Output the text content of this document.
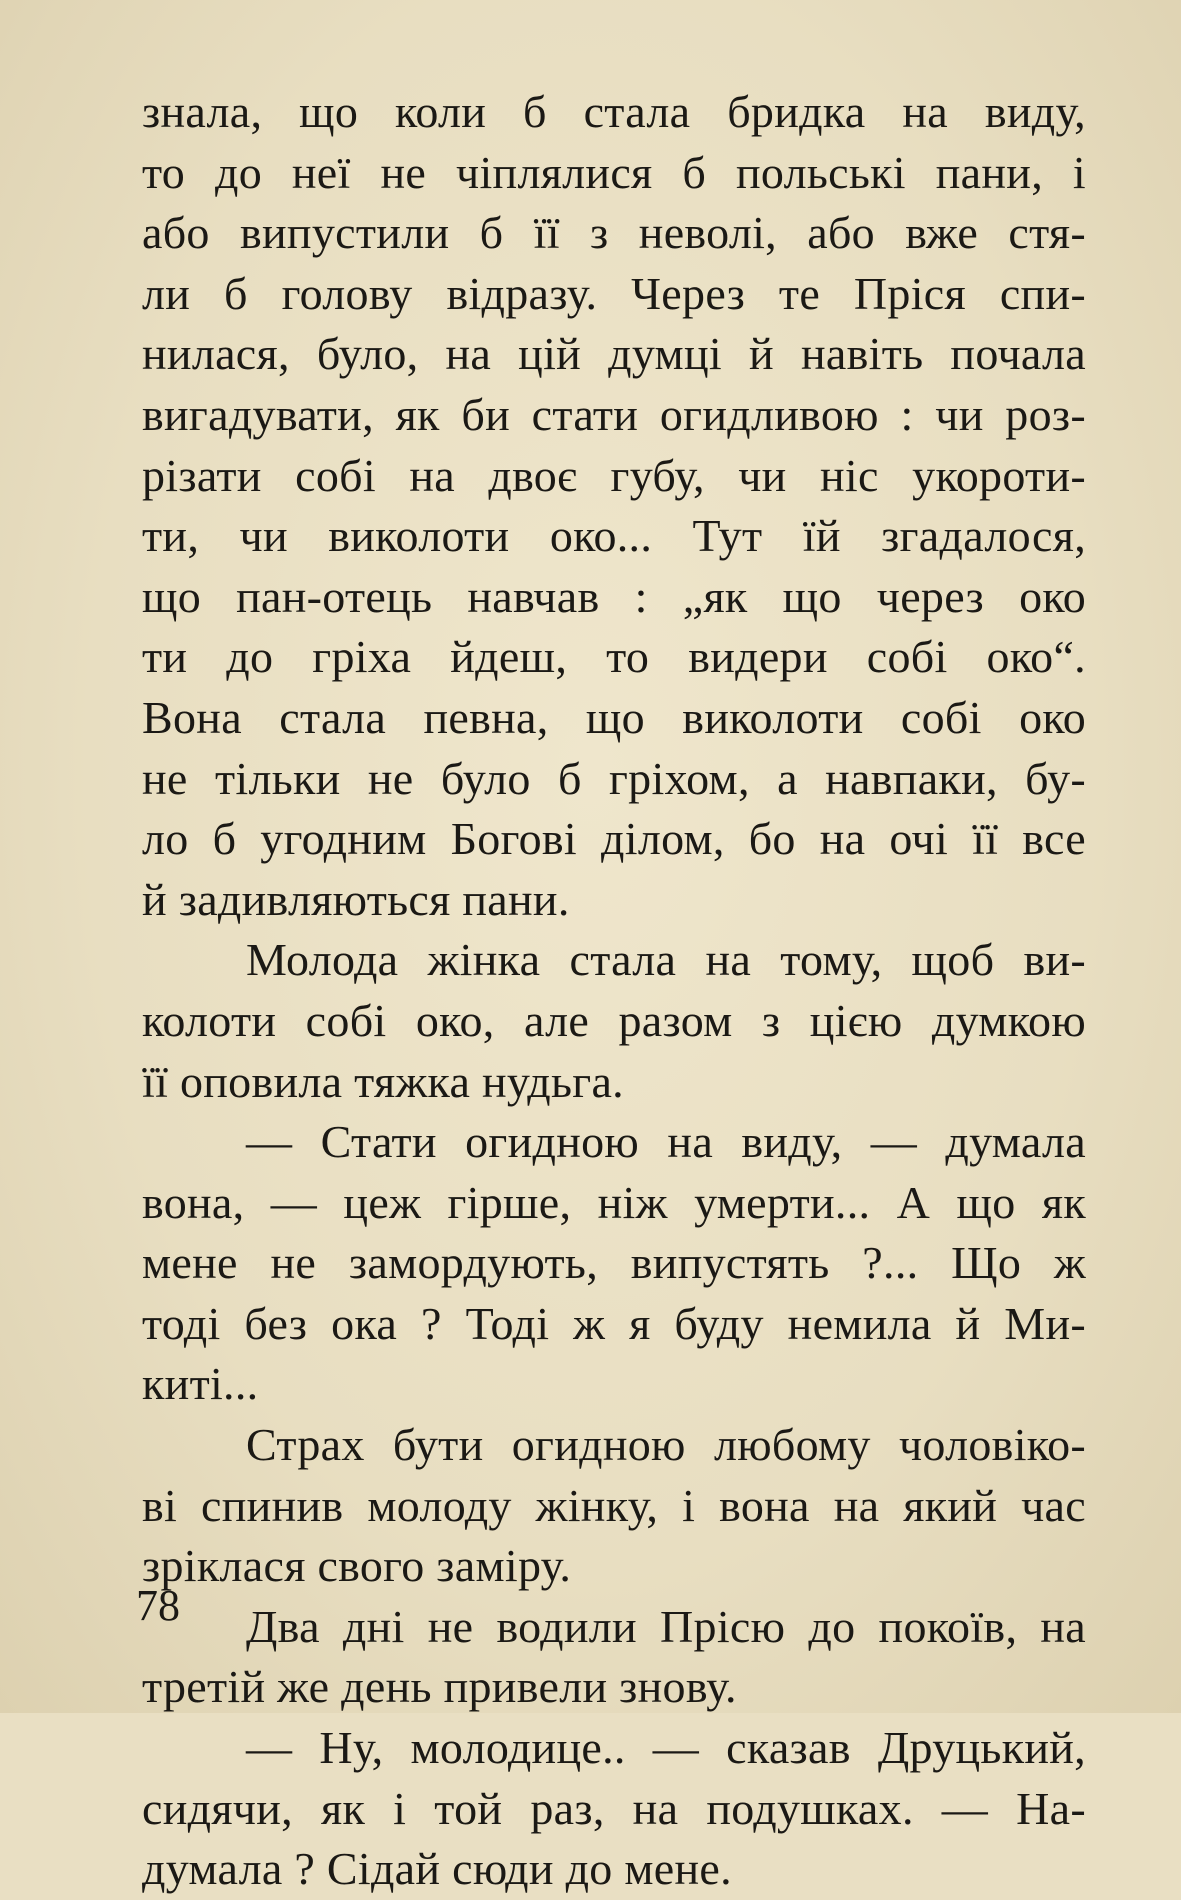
знала, що коли б стала бридка на виду,
то до неї не чіплялися б польські пани, і
або випустили б її з неволі, або вже стя-
ли б голову відразу. Через те Пріся спи-
нилася, було, на цій думці й навіть почала
вигадувати, як би стати огидливою : чи роз-
різати собі на двоє губу, чи ніс укороти-
ти, чи виколоти око... Тут їй згадалося,
що пан-отець навчав : „як що через око
ти до гріха йдеш, то видери собі око“.
Вона стала певна, що виколоти собі око
не тільки не було б гріхом, а навпаки, бу-
ло б угодним Богові ділом, бо на очі її все
й задивляються пани.
Молода жінка стала на тому, щоб ви-
колоти собі око, але разом з цією думкою
її оповила тяжка нудьга.
— Стати огидною на виду, — думала
вона, — цеж гірше, ніж умерти... А що як
мене не замордують, випустять ?... Що ж
тоді без ока ? Тоді ж я буду немила й Ми-
киті...
Страх бути огидною любому чоловіко-
ві спинив молоду жінку, і вона на який час
зріклася свого заміру.
Два дні не водили Прісю до покоїв, на
третій же день привели знову.
— Ну, молодице.. — сказав Друцький,
сидячи, як і той раз, на подушках. — На-
думала ? Сідай сюди до мене.
78
